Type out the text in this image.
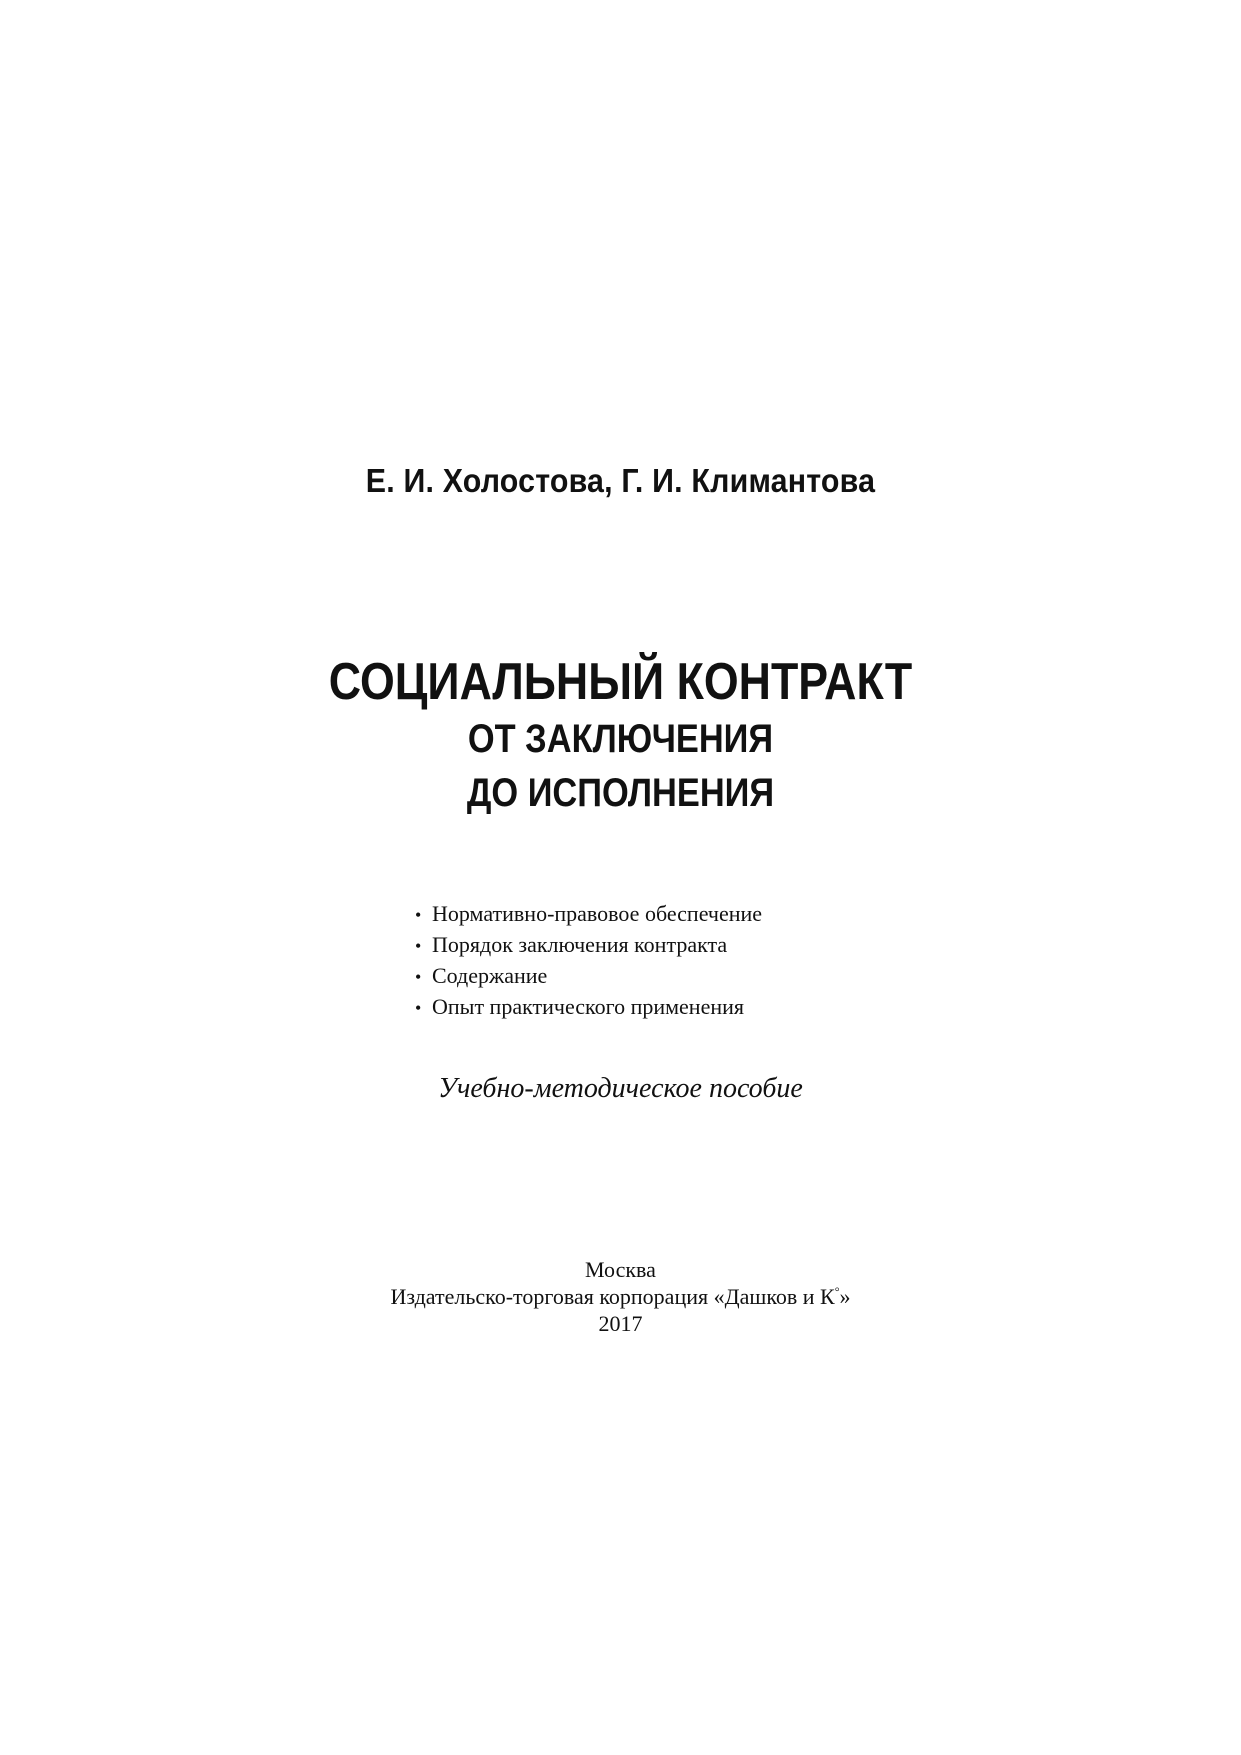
Е. И. Холостова, Г. И. Климантова
СОЦИАЛЬНЫЙ КОНТРАКТ
ОТ ЗАКЛЮЧЕНИЯ
ДО ИСПОЛНЕНИЯ
• Нормативно-правовое обеспечение
• Порядок заключения контракта
• Содержание
• Опыт практического применения
Учебно-методическое пособие
Москва
Издательско-торговая корпорация «Дашков и К°»
2017
